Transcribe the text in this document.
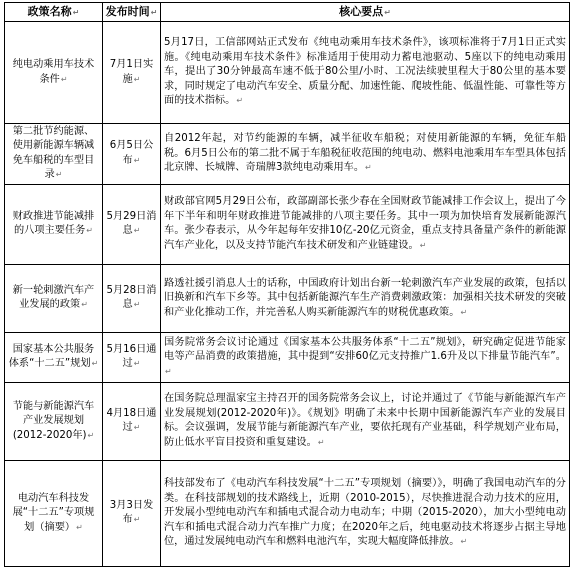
政策名称↵	发布时间↵	核心要点↵
纯电动乘用车技术条件↵	7月1日实施↵	5月17日，工信部网站正式发布《纯电动乘用车技术条件》，该项标准将于7月1日正式实施。《纯电动乘用车技术条件》标准适用于使用动力蓄电池驱动、5座以下的纯电动乘用车，提出了30分钟最高车速不低于80公里/小时、工况法续驶里程大于80公里的基本要求，同时规定了电动汽车安全、质量分配、加速性能、爬坡性能、低温性能、可靠性等方面的技术指标。↵
第二批节约能源、使用新能源车辆减免车船税的车型目录↵	6月5日公布↵	自2012年起，对节约能源的车辆，减半征收车船税；对使用新能源的车辆，免征车船税。6月5日公布的第二批不属于车船税征收范围的纯电动、燃料电池乘用车车型具体包括北京牌、长城牌、奇瑞牌3款纯电动乘用车。↵
财政推进节能减排的八项主要任务↵	5月29日消息↵	财政部官网5月29日公布，政部副部长张少春在全国财政节能减排工作会议上，提出了今年下半年和明年财政推进节能减排的八项主要任务。其中一项为加快培育发展新能源汽车。张少春表示，从今年起每年安排10亿-20亿元资金，重点支持具备量产条件的新能源汽车产业化，以及支持节能汽车技术研发和产业链建设。↵
新一轮刺激汽车产业发展的政策↵	5月28日消息↵	路透社援引消息人士的话称，中国政府计划出台新一轮刺激汽车产业发展的政策，包括以旧换新和汽车下乡等。其中包括新能源汽车生产消费刺激政策：加强相关技术研发的突破和产业化推动工作，并完善私人购买新能源汽车的财税优惠政策。↵
国家基本公共服务体系“十二五”规划↵	5月16日通过↵	国务院常务会议讨论通过《国家基本公共服务体系“十二五”规划》，研究确定促进节能家电等产品消费的政策措施，其中提到“安排60亿元支持推广1.6升及以下排量节能汽车”。↵
节能与新能源汽车产业发展规划(2012-2020年)↵	4月18日通过↵	在国务院总理温家宝主持召开的国务院常务会议上，讨论并通过了《节能与新能源汽车产业发展规划(2012-2020年)》。《规划》明确了未来中长期中国新能源汽车产业的发展目标。会议强调，发展节能与新能源汽车产业，要依托现有产业基础，科学规划产业布局，防止低水平盲目投资和重复建设。↵
电动汽车科技发展“十二五”专项规划（摘要）↵	3月3日发布↵	科技部发布了《电动汽车科技发展“十二五”专项规划（摘要）》，明确了我国电动汽车的分类。在科技部规划的技术路线上，近期（2010-2015），尽快推进混合动力技术的应用，开发展小型纯电动汽车和插电式混合动力电动车；中期（2015-2020），加大小型纯电动汽车和插电式混合动力汽车推广力度；在2020年之后，纯电驱动技术将逐步占据主导地位，通过发展纯电动汽车和燃料电池汽车，实现大幅度降低排放。↵
